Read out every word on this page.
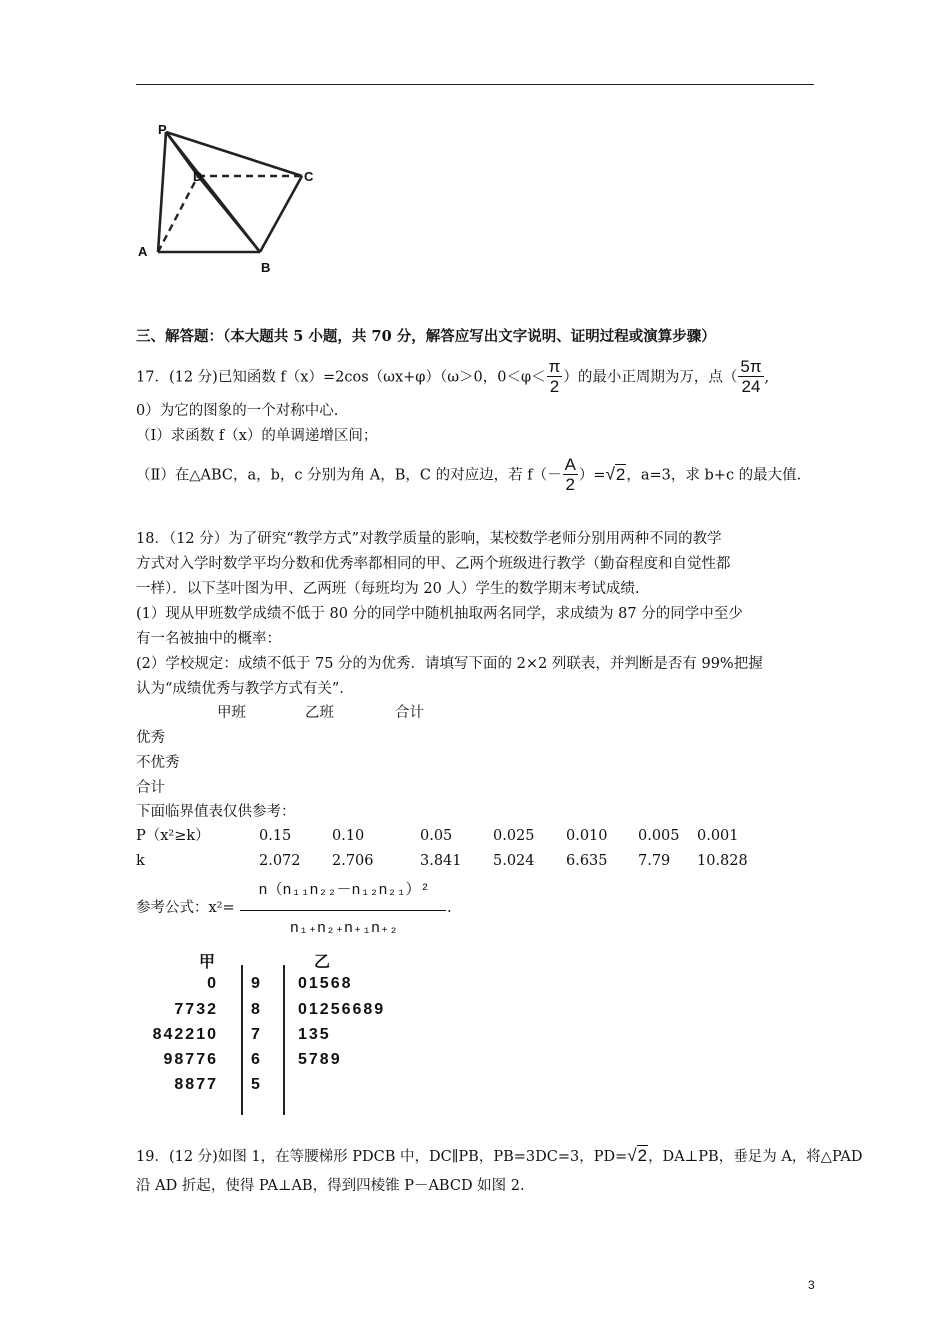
P
D	C
A
B
三、解答题：（本大题共 5 小题，共 70 分，解答应写出文字说明、证明过程或演算步骤）
17．(12 分)已知函数 f（x）=2cos（ωx+φ）（ω＞0，$0<\varphi< \frac{\pi}{2}$ ）的最小正周期为万，点（ $\frac{5\pi}{24}$ ,
0）为它的图象的一个对称中心.
（Ⅰ）求函数 f（x）的单调递增区间；
（Ⅱ）在△ABC，a，b，c 分别为角 A，B，C 的对应边，若 $f(- \frac{A}{2} )=√2$，a=3，求 b+c 的最大值.
18．（12 分）为了研究“教学方式”对教学质量的影响，某校数学老师分别用两种不同的教学
方式对入学时数学平均分数和优秀率都相同的甲、乙两个班级进行教学（勤奋程度和自觉性都
一样）．以下茎叶图为甲、乙两班（每班均为 20 人）学生的数学期末考试成绩.
(1）现从甲班数学成绩不低于 80 分的同学中随机抽取两名同学，求成绩为 87 分的同学中至少
有一名被抽中的概率：
(2）学校规定：成绩不低于 75 分的为优秀．请填写下面的 2×2 列联表，并判断是否有 99%把握
认为“成绩优秀与教学方式有关”．
甲班	乙班	合计
优秀
不优秀
合计
下面临界值表仅供参考：
P（x²≥k）	0.15	0.10	0.05	0.025 0.010 0.005 0.001
k	2.072 2.706	3.841 5.024 6.635 7.79 10.828
参考公式：x²=
n（n₁₁n₂₂－n₁₂n₂₁）²
n₁₊n₂₊n₊₁n₊₂
.
甲	乙
0 9 01568
7732 8 01256689
842210 7 135
98776 6 5789
8877 5
19．(12 分)如图 1，在等腰梯形 PDCB 中，DC∥PB，PB=3DC=3，PD=√2，DA⊥PB，垂足为 A，将△PAD
沿 AD 折起，使得 PA⊥AB，得到四棱锥 P－ABCD 如图 2.
3
